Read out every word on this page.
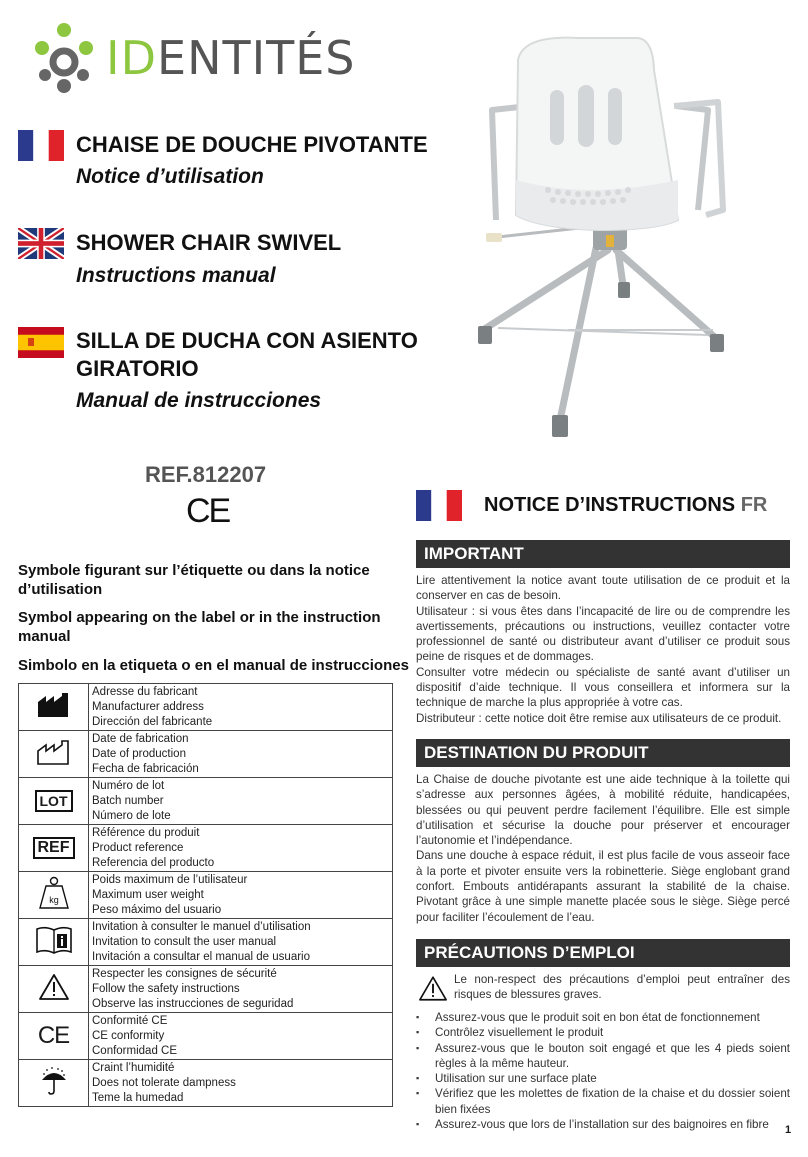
IDENTITÉS
CHAISE DE DOUCHE PIVOTANTE
Notice d’utilisation
SHOWER CHAIR SWIVEL
Instructions manual
SILLA DE DUCHA CON ASIENTO
GIRATORIO
Manual de instrucciones
REF.812207
CE
Symbole figurant sur l’étiquette ou dans la notice d’utilisation
Symbol appearing on the label or in the instruction manual
Simbolo en la etiqueta o en el manual de instrucciones

Adresse du fabricant
Manufacturer address
Dirección del fabricante

Date de fabrication
Date of production
Fecha de fabricación

LOT	Numéro de lot
Batch number
Número de lote

REF	Référence du produit
Product reference
Referencia del producto

kg	Poids maximum de l’utilisateur
Maximum user weight
Peso máximo del usuario

Invitation à consulter le manuel d’utilisation
Invitation to consult the user manual
Invitación a consultar el manual de usuario

Respecter les consignes de sécurité
Follow the safety instructions
Observe las instrucciones de seguridad

CE	Conformité CE
CE conformity
Conformidad CE

Craint l’humidité
Does not tolerate dampness
Teme la humedad
NOTICE D’INSTRUCTIONS FR
IMPORTANT

Lire attentivement la notice avant toute utilisation de ce produit et la conserver en cas de besoin.

Utilisateur : si vous êtes dans l’incapacité de lire ou de comprendre les avertissements, précautions ou instructions, veuillez contacter votre professionnel de santé ou distributeur avant d’utiliser ce produit sous peine de risques et de dommages.

Consulter votre médecin ou spécialiste de santé avant d’utiliser un dispositif d’aide technique. Il vous conseillera et informera sur la technique de marche la plus appropriée à votre cas.

Distributeur : cette notice doit être remise aux utilisateurs de ce produit.

DESTINATION DU PRODUIT

La Chaise de douche pivotante est une aide technique à la toilette qui s’adresse aux personnes âgées, à mobilité réduite, handicapées, blessées ou qui peuvent perdre facilement l’équilibre. Elle est simple d’utilisation et sécurise la douche pour préserver et encourager l’autonomie et l’indépendance.

Dans une douche à espace réduit, il est plus facile de vous asseoir face à la porte et pivoter ensuite vers la robinetterie. Siège englobant grand confort. Embouts antidérapants assurant la stabilité de la chaise. Pivotant grâce à une simple manette placée sous le siège. Siège percé pour faciliter l’écoulement de l’eau.

PRÉCAUTIONS D’EMPLOI
Le non-respect des précautions d’emploi peut entraîner des risques de blessures graves.
▪ Assurez-vous que le produit soit en bon état de fonctionnement
▪ Contrôlez visuellement le produit
▪ Assurez-vous que le bouton soit engagé et que les 4 pieds soient règles à la même hauteur.
▪ Utilisation sur une surface plate
▪ Vérifiez que les molettes de fixation de la chaise et du dossier soient bien fixées
▪ Assurez-vous que lors de l’installation sur des baignoires en fibre	1
